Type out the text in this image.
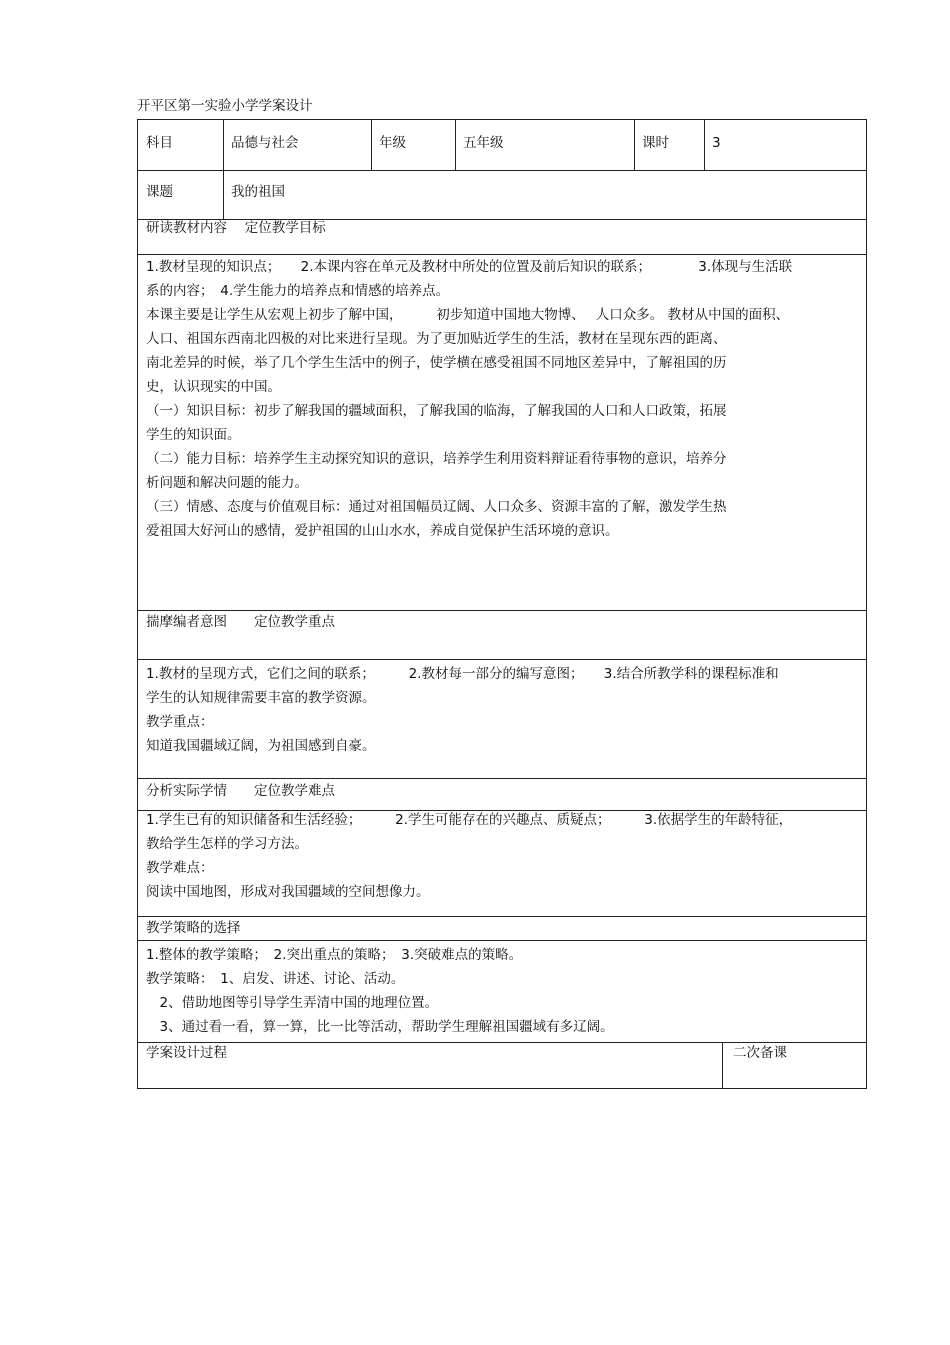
开平区第一实验小学学案设计
科目	品德与社会	年级	五年级	课时	3
课题	我的祖国
研读教材内容　 定位教学目标
1.教材呈现的知识点；　　2.本课内容在单元及教材中所处的位置及前后知识的联系；　　　　3.体现与生活联
系的内容；　4.学生能力的培养点和情感的培养点。
本课主要是让学生从宏观上初步了解中国，　　　初步知道中国地大物博、　 人口众多。 教材从中国的面积、
人口、祖国东西南北四极的对比来进行呈现。为了更加贴近学生的生活，教材在呈现东西的距离、
南北差异的时候，举了几个学生生活中的例子，使学横在感受祖国不同地区差异中，了解祖国的历
史，认识现实的中国。
（一）知识目标：初步了解我国的疆域面积，了解我国的临海，了解我国的人口和人口政策，拓展
学生的知识面。
（二）能力目标：培养学生主动探究知识的意识，培养学生利用资料辩证看待事物的意识，培养分
析问题和解决问题的能力。
（三）情感、态度与价值观目标：通过对祖国幅员辽阔、人口众多、资源丰富的了解，激发学生热
爱祖国大好河山的感情，爱护祖国的山山水水，养成自觉保护生活环境的意识。
揣摩编者意图　　定位教学重点
1.教材的呈现方式，它们之间的联系；　　　2.教材每一部分的编写意图；　　3.结合所教学科的课程标准和
学生的认知规律需要丰富的教学资源。
教学重点：
知道我国疆域辽阔，为祖国感到自豪。
分析实际学情　　定位教学难点
1.学生已有的知识储备和生活经验；　　　2.学生可能存在的兴趣点、质疑点；　　　3.依据学生的年龄特征，
教给学生怎样的学习方法。
教学难点：
阅读中国地图，形成对我国疆域的空间想像力。
教学策略的选择
1.整体的教学策略；　2.突出重点的策略；　3.突破难点的策略。
教学策略：　1、启发、讲述、讨论、活动。
　2、借助地图等引导学生弄清中国的地理位置。
　3、通过看一看，算一算，比一比等活动，帮助学生理解祖国疆域有多辽阔。
学案设计过程	二次备课
